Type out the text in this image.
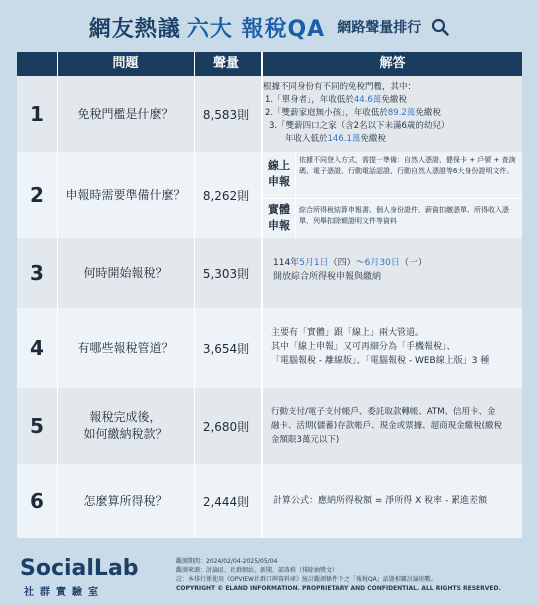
網友熱議 六大 報稅QA 網路聲量排行
問題	聲量	解答
1	免稅門檻是什麼？	8,583則
根據不同身份有不同的免稅門檻，其中：
1.「單身者」，年收低於44.6萬免繳稅
2.「雙薪家庭無小孩」，年收低於89.2萬免繳稅
3.「雙薪四口之家（含2名以下未滿6歲的幼兒）
年收入低於146.1萬免繳稅
2	申報時需要準備什麼？	8,262則
線上申報
依據不同登入方式，需提一準備：自然人憑證、健保卡 + 戶號 + 查詢碼、電子憑證、行動電話認證、行動自然人憑證等6大身份證明文件。
實體申報
綜合所得稅結算申報書、個人身份證件、薪資扣繳憑單、所得收入憑單、列舉扣除額證明文件等資料
3	何時開始報稅？	5,303則
114年5月1日（四）～6月30日（一）
開放綜合所得稅申報與繳納
4	有哪些報稅管道？	3,654則
主要有「實體」跟「線上」兩大管道。
其中「線上申報」又可再細分為「手機報稅」、
「電腦報稅 - 離線版」、「電腦報稅 - WEB線上版」3 種
5	報稅完成後，
如何繳納稅款？
2,680則
行動支付/電子支付帳戶、委託取款轉帳、ATM、信用卡、金
融卡、活期(儲蓄)存款帳戶、現金或票據、超商現金繳稅(繳稅
金額限3萬元以下)
6	怎麼算所得稅？	2,444則	計算公式：應納所得稅額 = 淨所得 X 稅率 - 累進差額
SocialLab
社群實驗室
觀測期間：2024/02/04-2025/05/04
觀測來源：討論區、社群網站、新聞、部落格（排除抽獎文）
註：本排行係使用《OPVIEW社群口碑資料庫》統計觀測條件下之「報稅QA」話題相關討論則數。
COPYRIGHT © ELAND INFORMATION. PROPRIETARY AND CONFIDENTIAL. ALL RIGHTS RESERVED.
